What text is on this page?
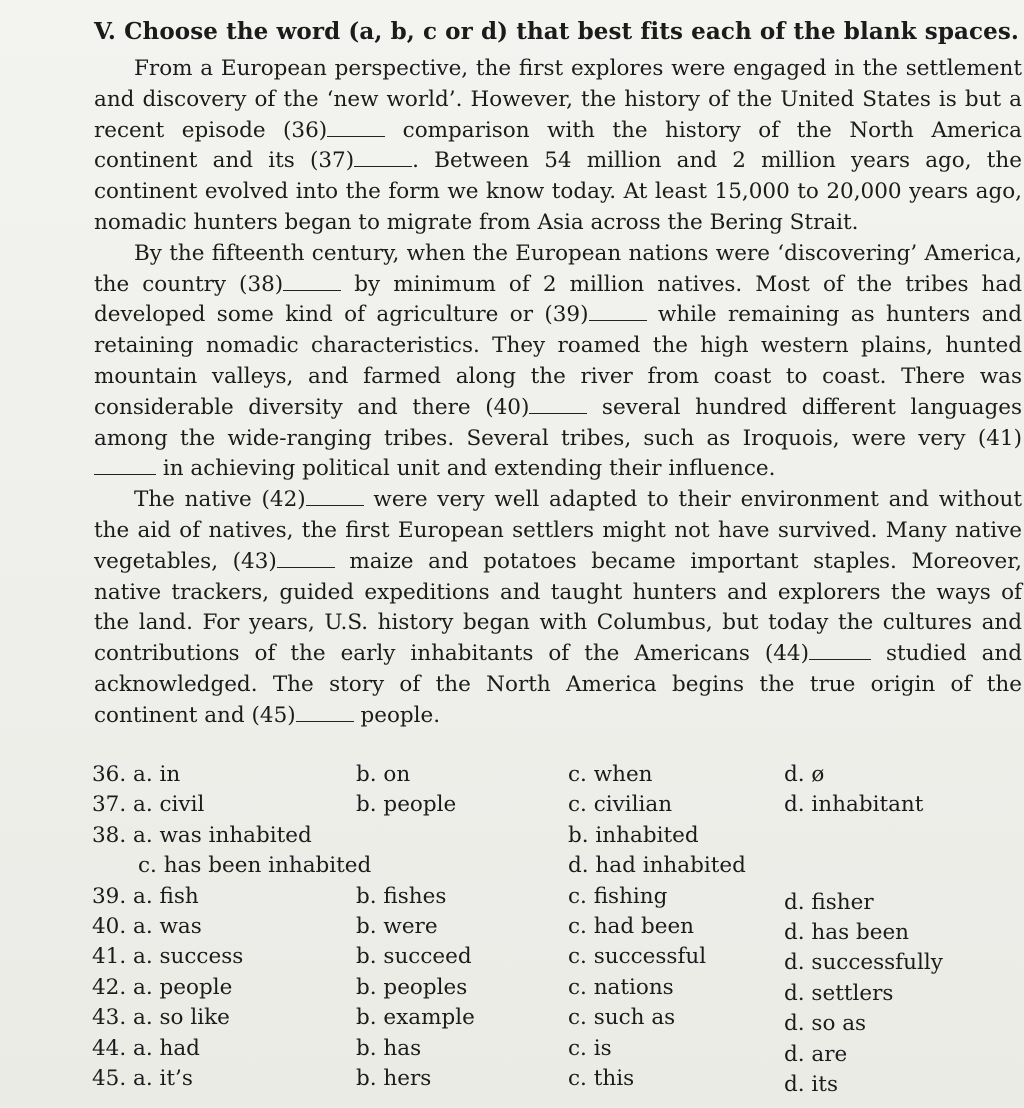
V. Choose the word (a, b, c or d) that best fits each of the blank spaces.

From a European perspective, the first explores were engaged in the settlement and discovery of the ‘new world’. However, the history of the United States is but a recent episode (36)	comparison with the history of the North America continent and its (37)	. Between 54 million and 2 million years ago, the continent evolved into the form we know today. At least 15,000 to 20,000 years ago, nomadic hunters began to migrate from Asia across the Bering Strait.

By the fifteenth century, when the European nations were ‘discovering’ America, the country (38)	by minimum of 2 million natives. Most of the tribes had developed some kind of agriculture or (39)	while remaining as hunters and retaining nomadic characteristics. They roamed the high western plains, hunted mountain valleys, and farmed along the river from coast to coast. There was considerable diversity and there (40)	several hundred different languages among the wide-ranging tribes. Several tribes, such as Iroquois, were very (41) in achieving political unit and extending their influence.

The native (42)	were very well adapted to their environment and without the aid of natives, the first European settlers might not have survived. Many native vegetables, (43)	maize and potatoes became important staples. Moreover, native trackers, guided expeditions and taught hunters and explorers the ways of the land. For years, U.S. history began with Columbus, but today the cultures and contributions of the early inhabitants of the Americans (44)	studied and acknowledged. The story of the North America begins the true origin of the continent and (45)	people.

36. a. in	b. on	c. when	d. ø
37. a. civil	b. people	c. civilian	d. inhabitant
38. a. was inhabited	b. inhabited
c. has been inhabited	d. had inhabited
39. a. fish	b. fishes	c. fishing	d. fisher
40. a. was	b. were	c. had been	d. has been
41. a. success	b. succeed	c. successful	d. successfully
42. a. people	b. peoples	c. nations	d. settlers
43. a. so like	b. example	c. such as	d. so as
44. a. had	b. has	c. is	d. are
45. a. it’s	b. hers	c. this	d. its
